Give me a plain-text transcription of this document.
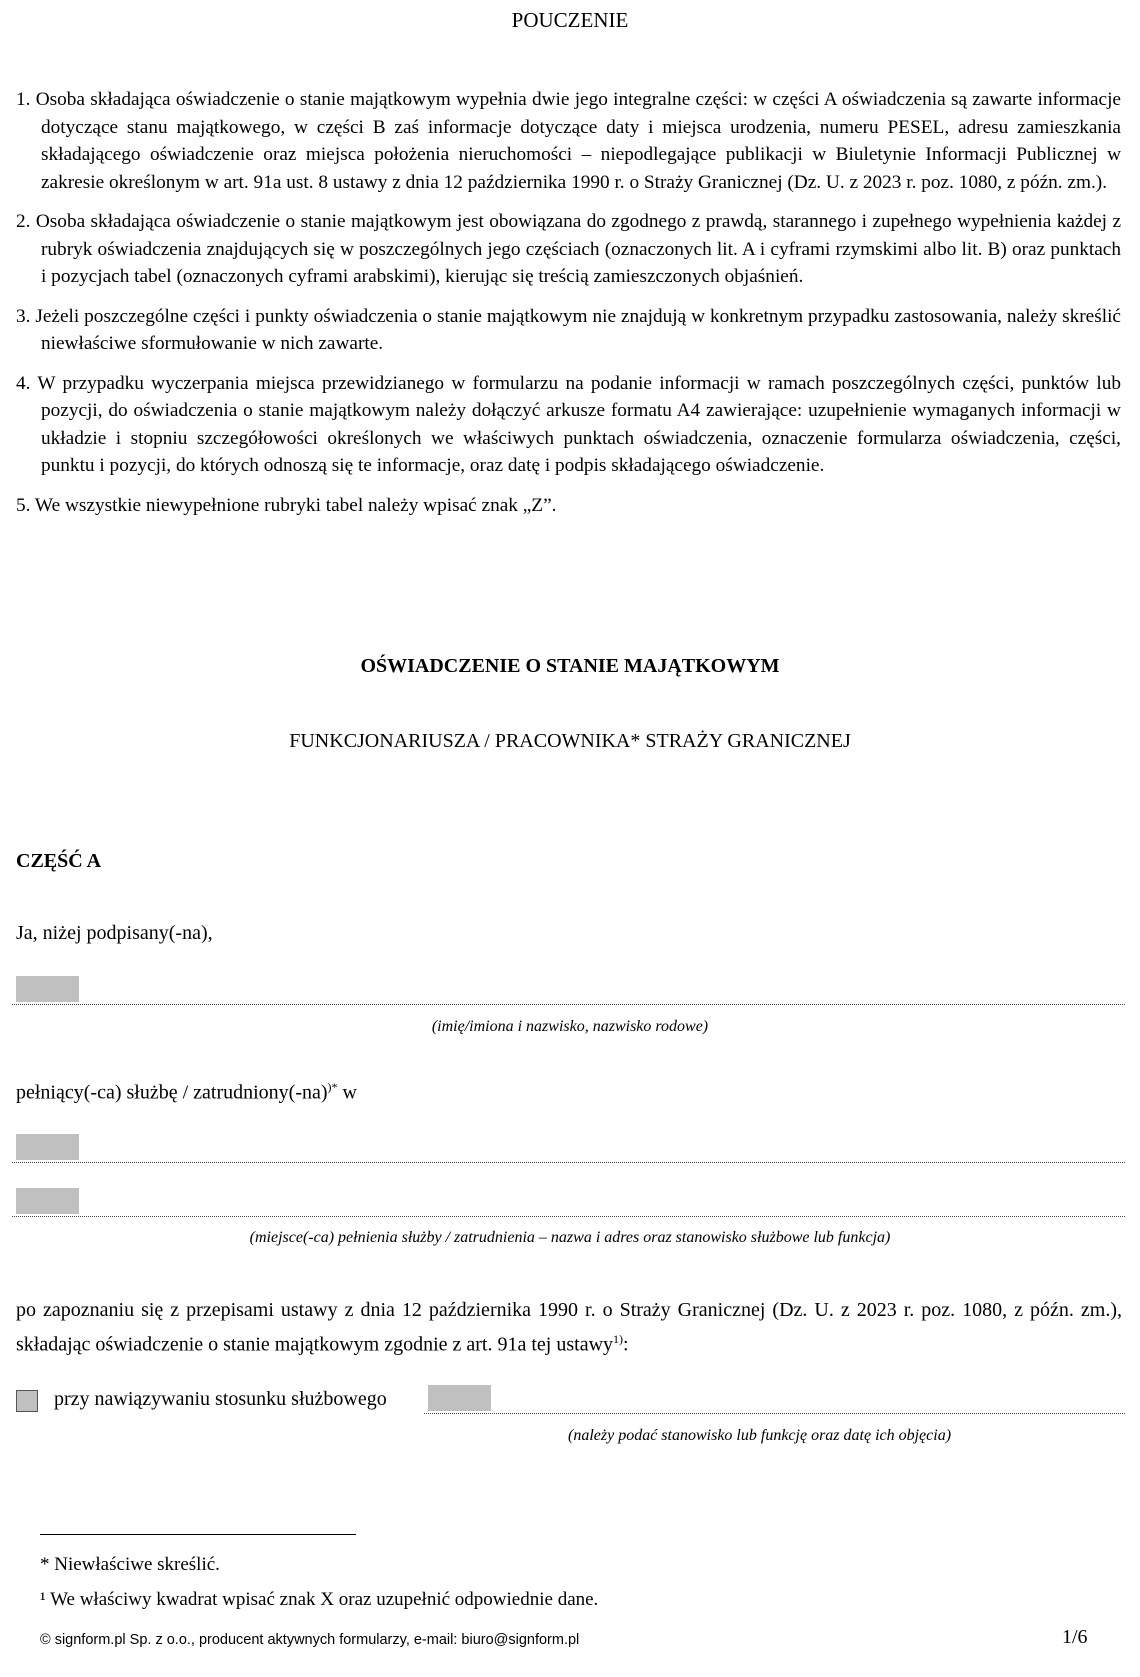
POUCZENIE
1. Osoba składająca oświadczenie o stanie majątkowym wypełnia dwie jego integralne części: w części A oświadczenia są zawarte informacje dotyczące stanu majątkowego, w części B zaś informacje dotyczące daty i miejsca urodzenia, numeru PESEL, adresu zamieszkania składającego oświadczenie oraz miejsca położenia nieruchomości – niepodlegające publikacji w Biuletynie Informacji Publicznej w zakresie określonym w art. 91a ust. 8 ustawy z dnia 12 października 1990 r. o Straży Granicznej (Dz. U. z 2023 r. poz. 1080, z późn. zm.).
2. Osoba składająca oświadczenie o stanie majątkowym jest obowiązana do zgodnego z prawdą, starannego i zupełnego wypełnienia każdej z rubryk oświadczenia znajdujących się w poszczególnych jego częściach (oznaczonych lit. A i cyframi rzymskimi albo lit. B) oraz punktach i pozycjach tabel (oznaczonych cyframi arabskimi), kierując się treścią zamieszczonych objaśnień.
3. Jeżeli poszczególne części i punkty oświadczenia o stanie majątkowym nie znajdują w konkretnym przypadku zastosowania, należy skreślić niewłaściwe sformułowanie w nich zawarte.
4. W przypadku wyczerpania miejsca przewidzianego w formularzu na podanie informacji w ramach poszczególnych części, punktów lub pozycji, do oświadczenia o stanie majątkowym należy dołączyć arkusze formatu A4 zawierające: uzupełnienie wymaganych informacji w układzie i stopniu szczegółowości określonych we właściwych punktach oświadczenia, oznaczenie formularza oświadczenia, części, punktu i pozycji, do których odnoszą się te informacje, oraz datę i podpis składającego oświadczenie.
5. We wszystkie niewypełnione rubryki tabel należy wpisać znak „Z”.
OŚWIADCZENIE O STANIE MAJĄTKOWYM
FUNKCJONARIUSZA / PRACOWNIKA* STRAŻY GRANICZNEJ
CZĘŚĆ A
Ja, niżej podpisany(-na),
(imię/imiona i nazwisko, nazwisko rodowe)
pełniący(-ca) służbę / zatrudniony(-na))* w
(miejsce(-ca) pełnienia służby / zatrudnienia – nazwa i adres oraz stanowisko służbowe lub funkcja)
po zapoznaniu się z przepisami ustawy z dnia 12 października 1990 r. o Straży Granicznej (Dz. U. z 2023 r. poz. 1080, z późn. zm.), składając oświadczenie o stanie majątkowym zgodnie z art. 91a tej ustawy$^{1)}$:
przy nawiązywaniu stosunku służbowego
(należy podać stanowisko lub funkcję oraz datę ich objęcia)
* Niewłaściwe skreślić.
¹ We właściwy kwadrat wpisać znak X oraz uzupełnić odpowiednie dane.
© signform.pl Sp. z o.o., producent aktywnych formularzy, e-mail: biuro@signform.pl	1/6
